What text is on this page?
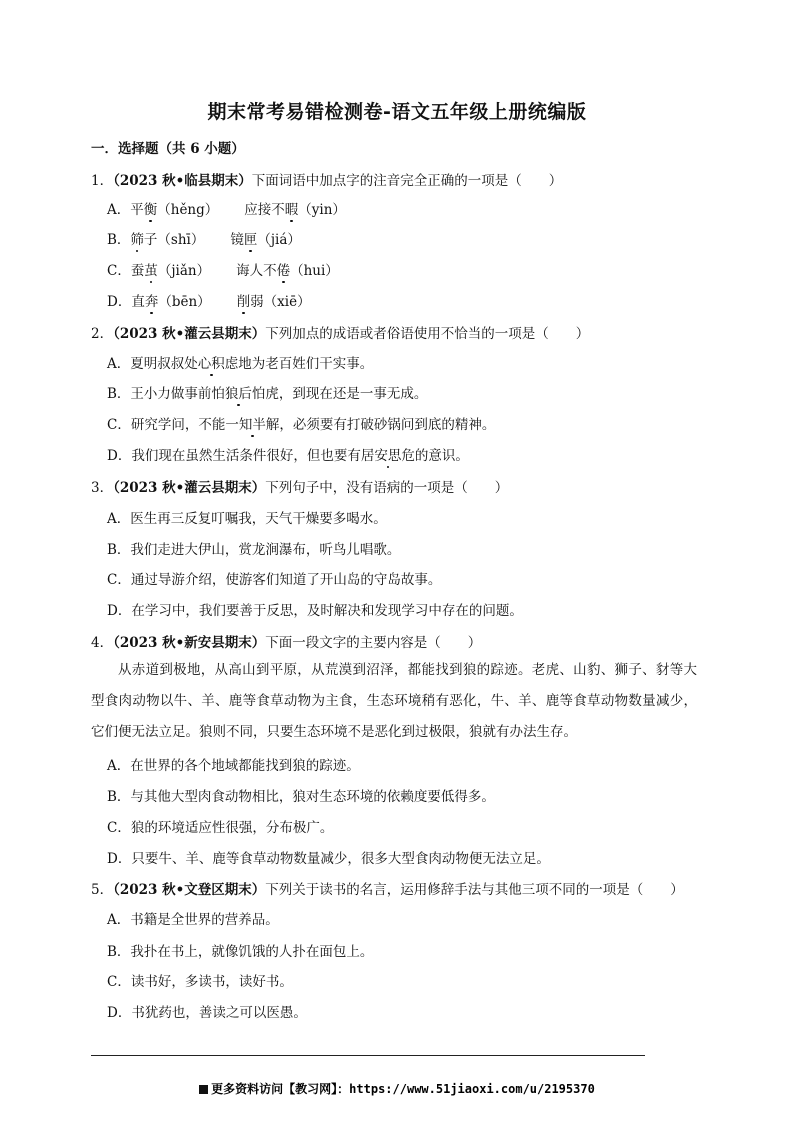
期末常考易错检测卷-语文五年级上册统编版
一．选择题（共 6 小题）
1．（2023 秋•临县期末）下面词语中加点字的注音完全正确的一项是（　　）
A．平衡（hěng） 应接不暇（yin）
B．筛子（shī） 镜匣（jiá）
C．蚕茧（jiǎn） 诲人不倦（hui）
D．直奔（bēn） 削弱（xiē）
2．（2023 秋•灌云县期末）下列加点的成语或者俗语使用不恰当的一项是（　　）
A．夏明叔叔处心积虑地为老百姓们干实事。
B．王小力做事前怕狼后怕虎，到现在还是一事无成。
C．研究学问，不能一知半解，必须要有打破砂锅问到底的精神。
D．我们现在虽然生活条件很好，但也要有居安思危的意识。
3．（2023 秋•灌云县期末）下列句子中，没有语病的一项是（　　）
A．医生再三反复叮嘱我，天气干燥要多喝水。
B．我们走进大伊山，赏龙涧瀑布，听鸟儿唱歌。
C．通过导游介绍，使游客们知道了开山岛的守岛故事。
D．在学习中，我们要善于反思，及时解决和发现学习中存在的问题。
4．（2023 秋•新安县期末）下面一段文字的主要内容是（　　）
从赤道到极地，从高山到平原，从荒漠到沼泽，都能找到狼的踪迹。老虎、山豹、狮子、豺等大型食肉动物以牛、羊、鹿等食草动物为主食，生态环境稍有恶化，牛、羊、鹿等食草动物数量减少，它们便无法立足。狼则不同，只要生态环境不是恶化到过极限，狼就有办法生存。
A．在世界的各个地域都能找到狼的踪迹。
B．与其他大型肉食动物相比，狼对生态环境的依赖度要低得多。
C．狼的环境适应性很强，分布极广。
D．只要牛、羊、鹿等食草动物数量减少，很多大型食肉动物便无法立足。
5．（2023 秋•文登区期末）下列关于读书的名言，运用修辞手法与其他三项不同的一项是（　　）
A．书籍是全世界的营养品。
B．我扑在书上，就像饥饿的人扑在面包上。
C．读书好，多读书，读好书。
D．书犹药也，善读之可以医愚。
更多资料访问【教习网】：https://www.51jiaoxi.com/u/2195370
